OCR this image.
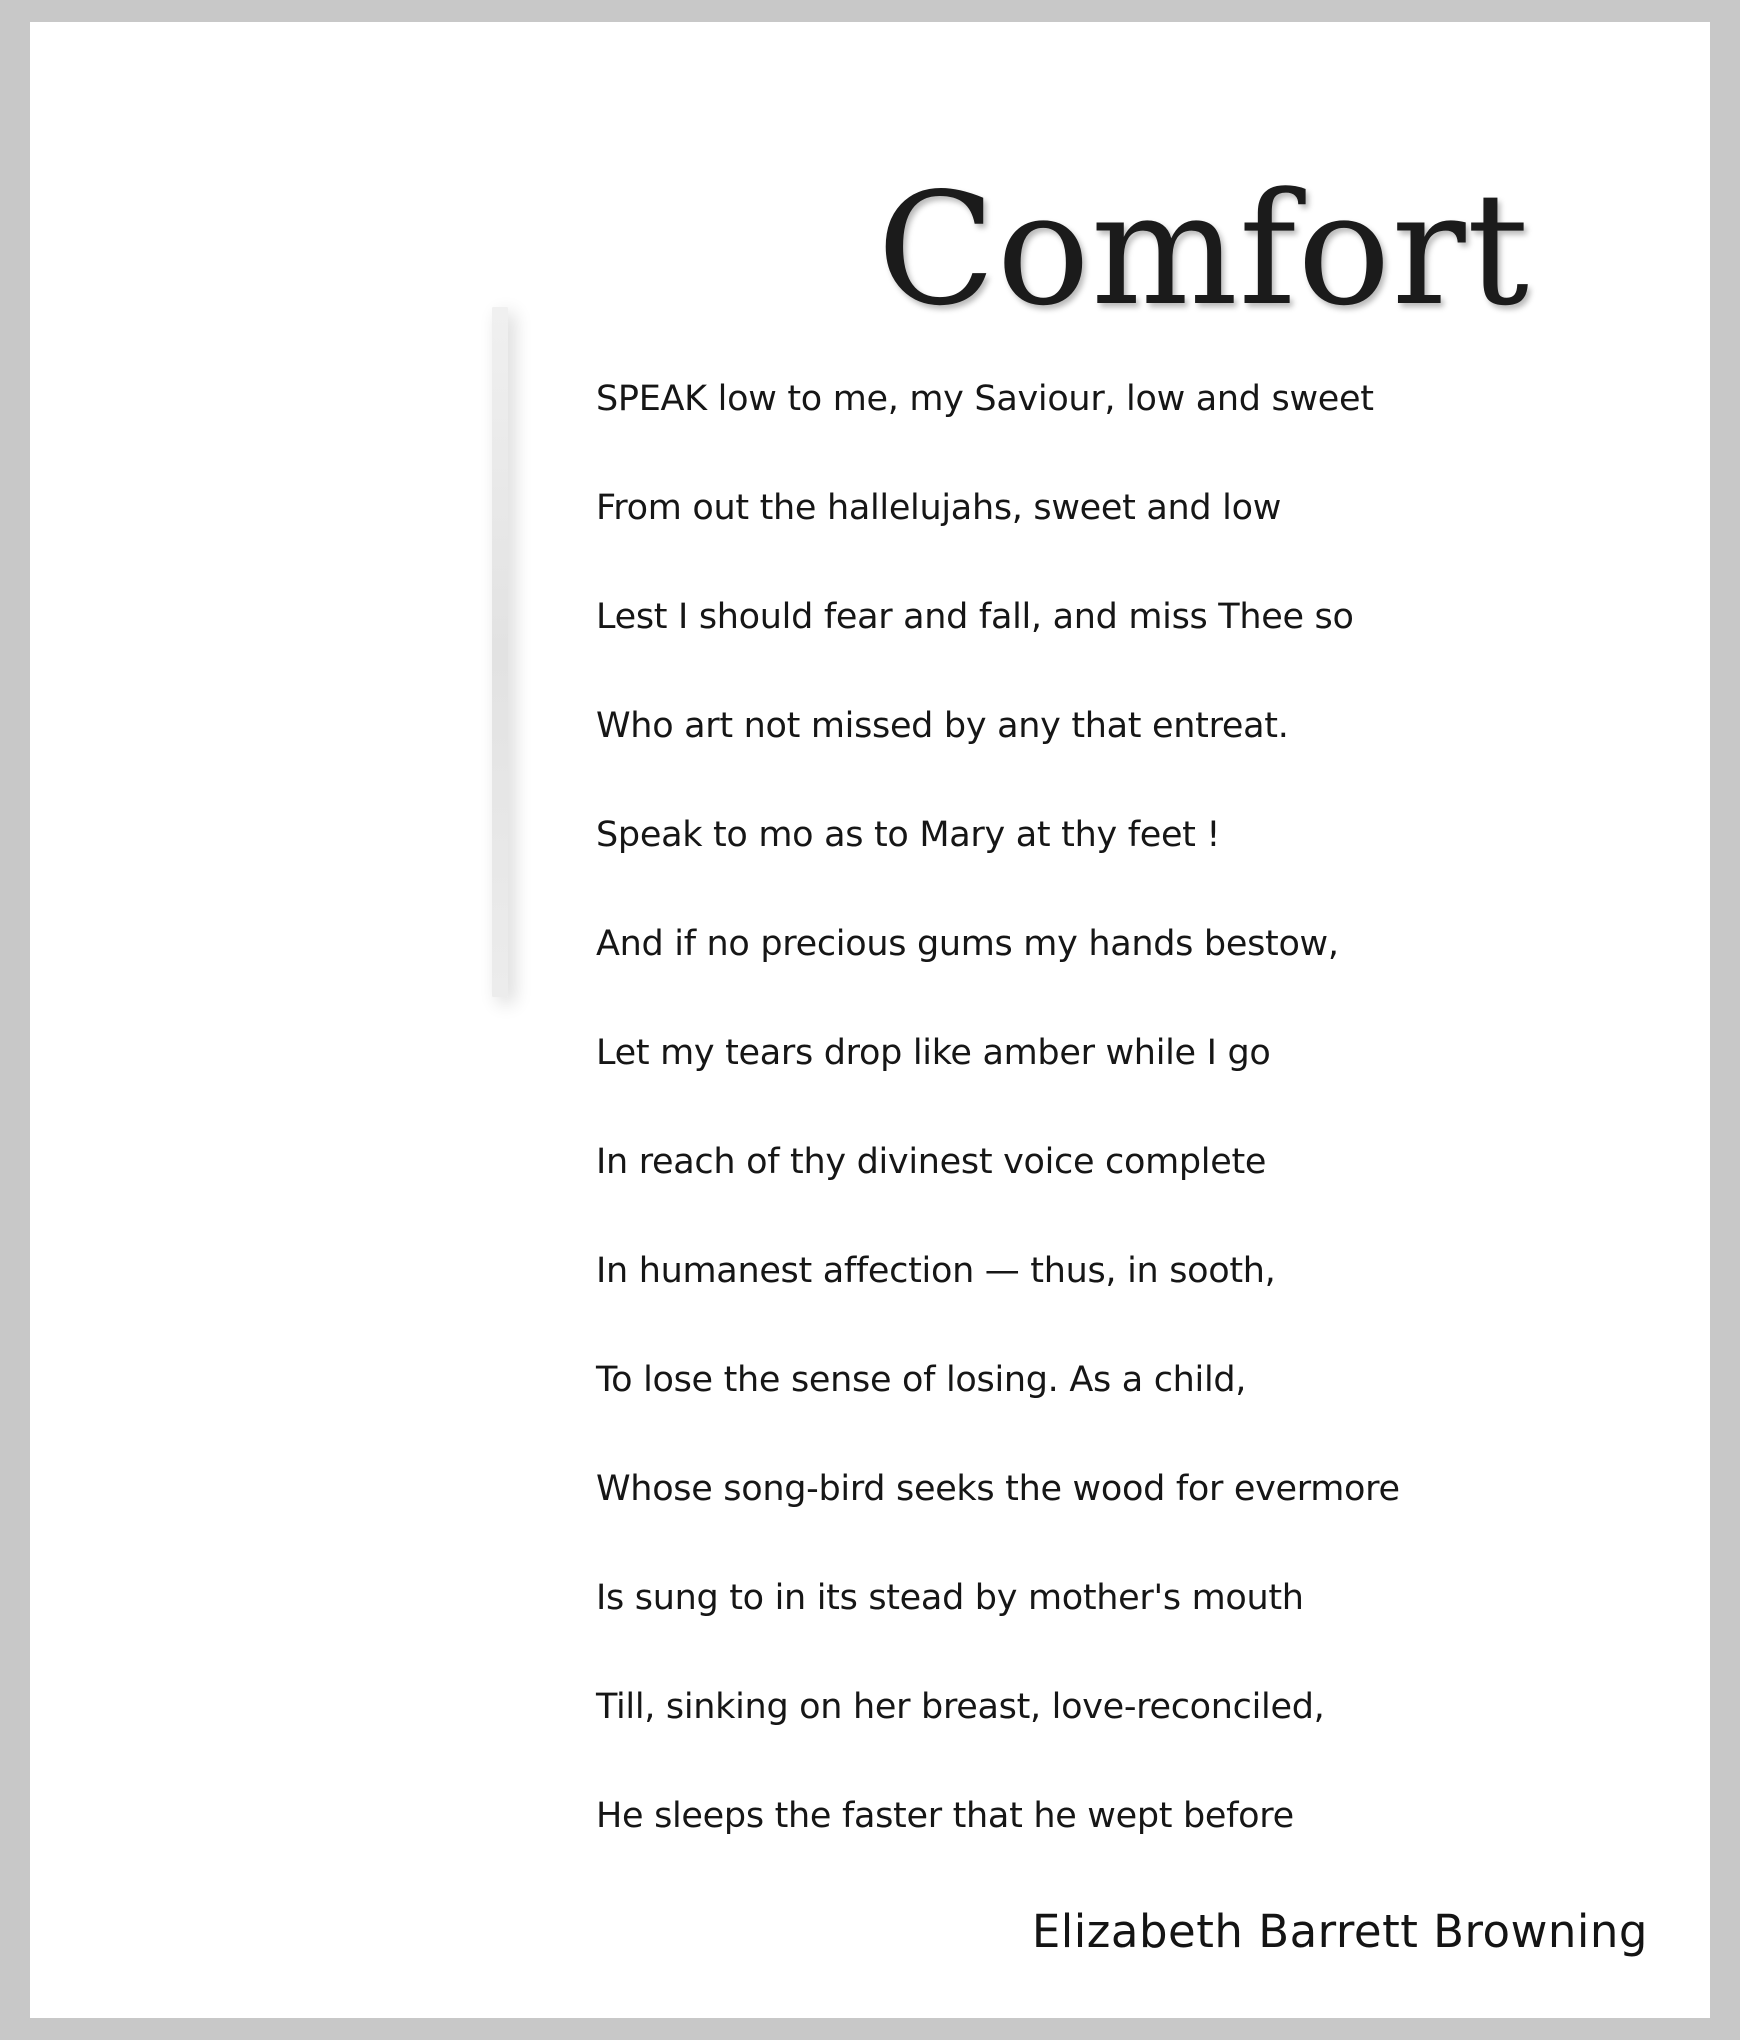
Comfort
SPEAK low to me, my Saviour, low and sweet
From out the hallelujahs, sweet and low
Lest I should fear and fall, and miss Thee so
Who art not missed by any that entreat.
Speak to mo as to Mary at thy feet !
And if no precious gums my hands bestow,
Let my tears drop like amber while I go
In reach of thy divinest voice complete
In humanest affection — thus, in sooth,
To lose the sense of losing. As a child,
Whose song-bird seeks the wood for evermore
Is sung to in its stead by mother's mouth
Till, sinking on her breast, love-reconciled,
He sleeps the faster that he wept before
Elizabeth Barrett Browning
